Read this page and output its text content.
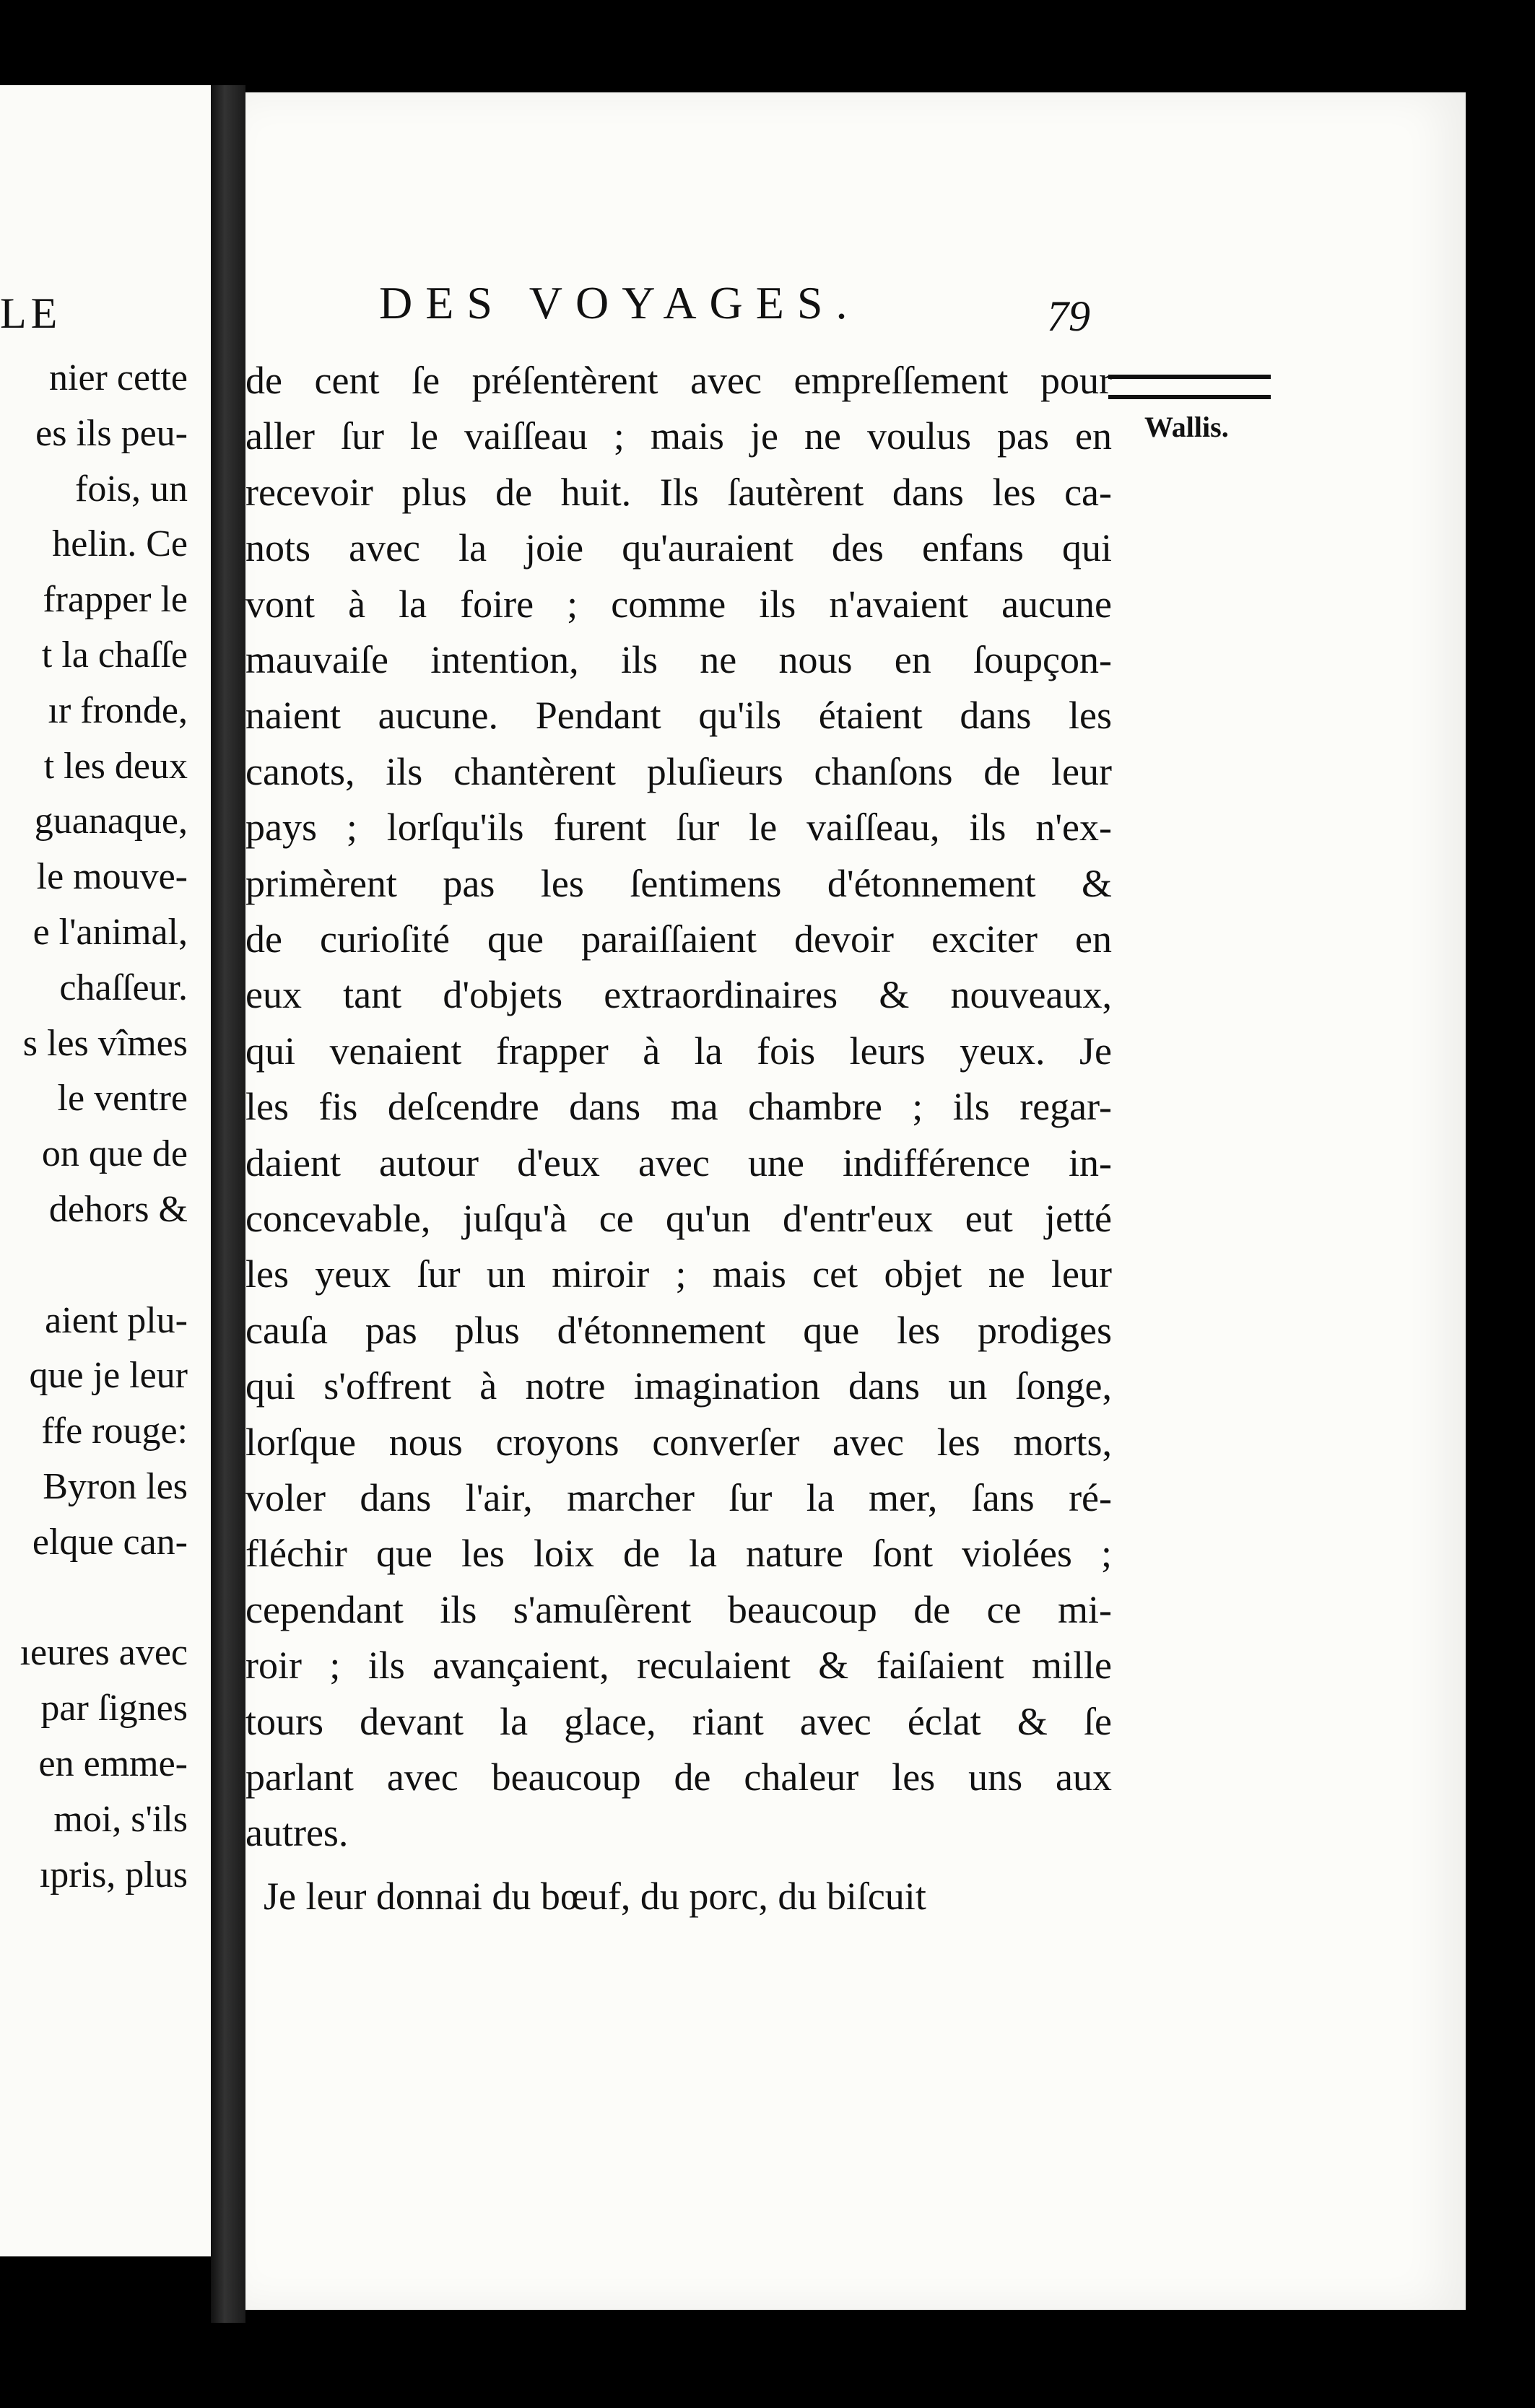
LE
nier cette
es ils peu-
fois, un
helin. Ce
frapper le
t la chaſſe
ır fronde,
t les deux
guanaque,
le mouve-
e l'animal,
chaſſeur.
s les vîmes
le ventre
on que de
dehors &
aient plu-
que je leur
ffe rouge:
Byron les
elque can-
ıeures avec
par ſignes
en emme-
moi, s'ils
ıpris, plus
DES VOYAGES.	79
Wallis.
de cent ſe préſentèrent avec empreſſement pour
aller ſur le vaiſſeau ; mais je ne voulus pas en
recevoir plus de huit. Ils ſautèrent dans les ca-
nots avec la joie qu'auraient des enfans qui
vont à la foire ; comme ils n'avaient aucune
mauvaiſe intention, ils ne nous en ſoupçon-
naient aucune. Pendant qu'ils étaient dans les
canots, ils chantèrent pluſieurs chanſons de leur
pays ; lorſqu'ils furent ſur le vaiſſeau, ils n'ex-
primèrent pas les ſentimens d'étonnement &
de curioſité que paraiſſaient devoir exciter en
eux tant d'objets extraordinaires & nouveaux,
qui venaient frapper à la fois leurs yeux. Je
les fis deſcendre dans ma chambre ; ils regar-
daient autour d'eux avec une indifférence in-
concevable, juſqu'à ce qu'un d'entr'eux eut jetté
les yeux ſur un miroir ; mais cet objet ne leur
cauſa pas plus d'étonnement que les prodiges
qui s'offrent à notre imagination dans un ſonge,
lorſque nous croyons converſer avec les morts,
voler dans l'air, marcher ſur la mer, ſans ré-
fléchir que les loix de la nature ſont violées ;
cependant ils s'amuſèrent beaucoup de ce mi-
roir ; ils avançaient, reculaient & faiſaient mille
tours devant la glace, riant avec éclat & ſe
parlant avec beaucoup de chaleur les uns aux
autres.
Je leur donnai du bœuf, du porc, du biſcuit
